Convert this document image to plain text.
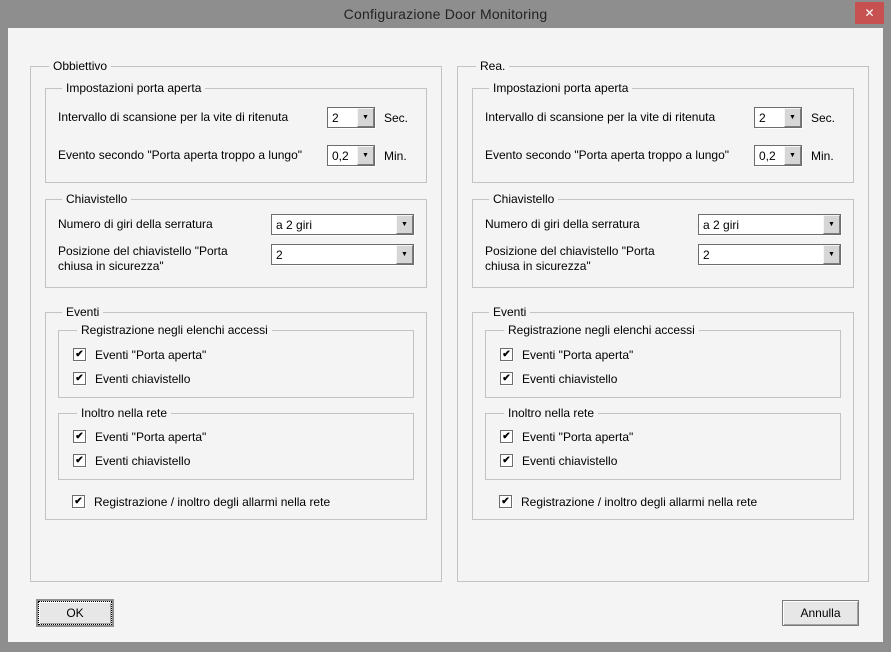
Configurazione Door Monitoring	✕
Obbiettivo
Impostazioni porta aperta
Intervallo di scansione per la vite di ritenuta	2	▼ Sec.
Evento secondo "Porta aperta troppo a lungo"	0,2	▼ Min.
Chiavistello
Numero di giri della serratura	a 2 giri	▼
Posizione del chiavistello "Porta chiusa in sicurezza"
2	▼
Eventi
Registrazione negli elenchi accessi
✔ Eventi "Porta aperta"
✔ Eventi chiavistello
Inoltro nella rete
✔ Eventi "Porta aperta"
✔ Eventi chiavistello
✔ Registrazione / inoltro degli allarmi nella rete
Rea.
Impostazioni porta aperta
Intervallo di scansione per la vite di ritenuta	2	▼ Sec.
Evento secondo "Porta aperta troppo a lungo"	0,2	▼ Min.
Chiavistello
Numero di giri della serratura	a 2 giri	▼
Posizione del chiavistello "Porta chiusa in sicurezza"
2	▼
Eventi
Registrazione negli elenchi accessi
✔ Eventi "Porta aperta"
✔ Eventi chiavistello
Inoltro nella rete
✔ Eventi "Porta aperta"
✔ Eventi chiavistello
✔ Registrazione / inoltro degli allarmi nella rete
OK	Annulla
